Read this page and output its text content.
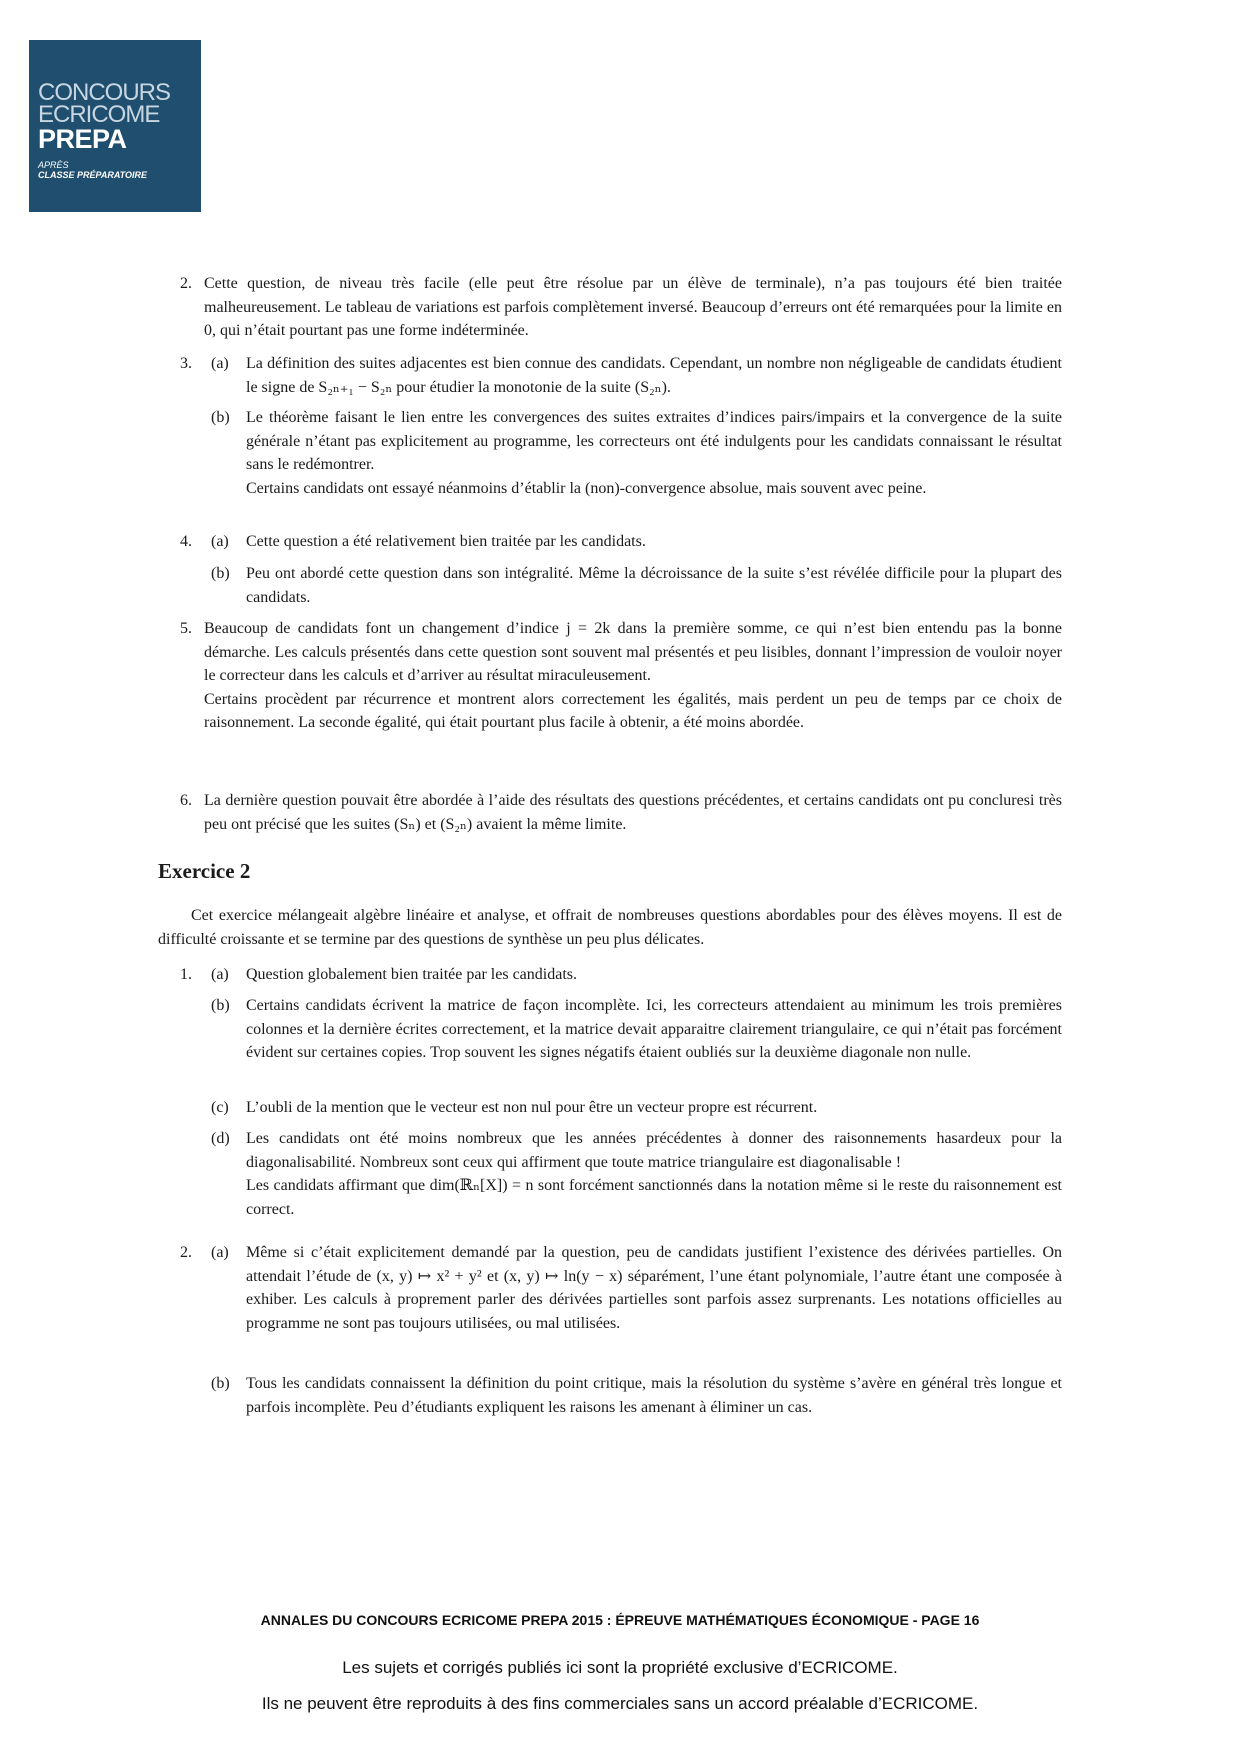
CONCOURS
ECRICOME
PREPA
APRÈS
CLASSE PRÉPARATOIRE
2. Cette question, de niveau très facile (elle peut être résolue par un élève de terminale), n’a pas toujours été bien traitée malheureusement. Le tableau de variations est parfois complètement inversé. Beaucoup d’erreurs ont été remarquées pour la limite en 0, qui n’était pourtant pas une forme indéterminée.
3.	(a)	La définition des suites adjacentes est bien connue des candidats. Cependant, un nombre non négligeable de candidats étudient le signe de S₂ₙ₊₁ − S₂ₙ pour étudier la monotonie de la suite (S₂ₙ).
(b)	Le théorème faisant le lien entre les convergences des suites extraites d’indices pairs/impairs et la convergence de la suite générale n’étant pas explicitement au programme, les correcteurs ont été indulgents pour les candidats connaissant le résultat sans le redémontrer.
Certains candidats ont essayé néanmoins d’établir la (non)-convergence absolue, mais souvent avec peine.
4.	(a)	Cette question a été relativement bien traitée par les candidats.
(b)	Peu ont abordé cette question dans son intégralité. Même la décroissance de la suite s’est révélée difficile pour la plupart des candidats.
5. Beaucoup de candidats font un changement d’indice j = 2k dans la première somme, ce qui n’est bien entendu pas la bonne démarche. Les calculs présentés dans cette question sont souvent mal présentés et peu lisibles, donnant l’impression de vouloir noyer le correcteur dans les calculs et d’arriver au résultat miraculeusement.
Certains procèdent par récurrence et montrent alors correctement les égalités, mais perdent un peu de temps par ce choix de raisonnement. La seconde égalité, qui était pourtant plus facile à obtenir, a été moins abordée.
6. La dernière question pouvait être abordée à l’aide des résultats des questions précédentes, et certains candidats ont pu concluresi très peu ont précisé que les suites (Sₙ) et (S₂ₙ) avaient la même limite.
Exercice 2
Cet exercice mélangeait algèbre linéaire et analyse, et offrait de nombreuses questions abordables pour des élèves moyens. Il est de difficulté croissante et se termine par des questions de synthèse un peu plus délicates.
1.	(a)	Question globalement bien traitée par les candidats.
(b)	Certains candidats écrivent la matrice de façon incomplète. Ici, les correcteurs attendaient au minimum les trois premières colonnes et la dernière écrites correctement, et la matrice devait apparaitre clairement triangulaire, ce qui n’était pas forcément évident sur certaines copies. Trop souvent les signes négatifs étaient oubliés sur la deuxième diagonale non nulle.
(c)	L’oubli de la mention que le vecteur est non nul pour être un vecteur propre est récurrent.
(d)	Les candidats ont été moins nombreux que les années précédentes à donner des raisonnements hasardeux pour la diagonalisabilité. Nombreux sont ceux qui affirment que toute matrice triangulaire est diagonalisable !
Les candidats affirmant que dim(ℝₙ[X]) = n sont forcément sanctionnés dans la notation même si le reste du raisonnement est correct.
2.	(a)	Même si c’était explicitement demandé par la question, peu de candidats justifient l’existence des dérivées partielles. On attendait l’étude de (x, y) ↦ x² + y² et (x, y) ↦ ln(y − x) séparément, l’une étant polynomiale, l’autre étant une composée à exhiber. Les calculs à proprement parler des dérivées partielles sont parfois assez surprenants. Les notations officielles au programme ne sont pas toujours utilisées, ou mal utilisées.
(b)	Tous les candidats connaissent la définition du point critique, mais la résolution du système s’avère en général très longue et parfois incomplète. Peu d’étudiants expliquent les raisons les amenant à éliminer un cas.
ANNALES DU CONCOURS ECRICOME PREPA 2015 : ÉPREUVE MATHÉMATIQUES ÉCONOMIQUE - PAGE 16
Les sujets et corrigés publiés ici sont la propriété exclusive d’ECRICOME.
Ils ne peuvent être reproduits à des fins commerciales sans un accord préalable d’ECRICOME.
